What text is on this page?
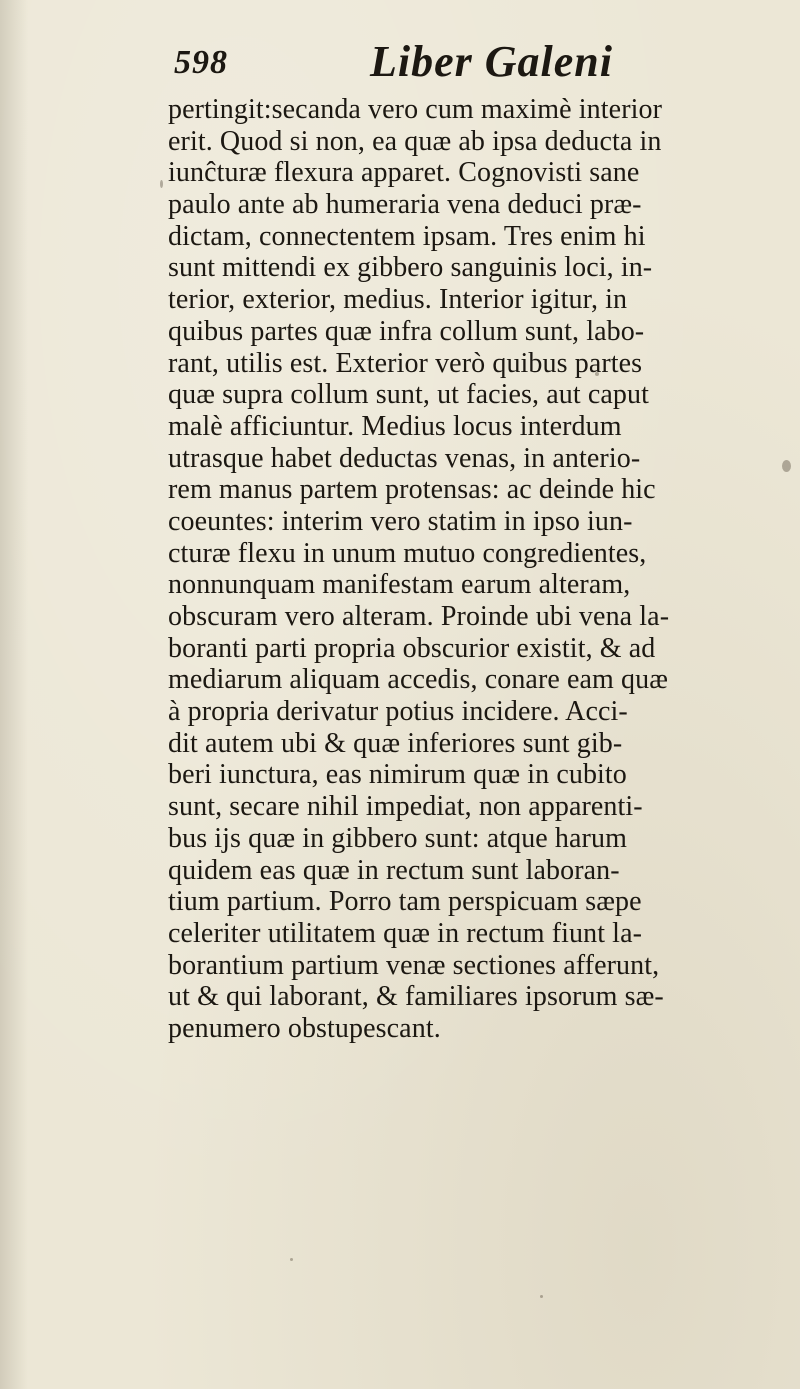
598	Liber Galeni
pertingit:secanda vero cum maximè interior
erit. Quod si non, ea quæ ab ipsa deducta in
iunĉturæ flexura apparet. Cognovisti sane
paulo ante ab humeraria vena deduci præ-
dictam, connectentem ipsam. Tres enim hi
sunt mittendi ex gibbero sanguinis loci, in-
terior, exterior, medius. Interior igitur, in
quibus partes quæ infra collum sunt, labo-
rant, utilis est. Exterior verò quibus partes
quæ supra collum sunt, ut facies, aut caput
malè afficiuntur. Medius locus interdum
utrasque habet deductas venas, in anterio-
rem manus partem protensas: ac deinde hic
coeuntes: interim vero statim in ipso iun-
cturæ flexu in unum mutuo congredientes,
nonnunquam manifestam earum alteram,
obscuram vero alteram. Proinde ubi vena la-
boranti parti propria obscurior existit, & ad
mediarum aliquam accedis, conare eam quæ
à propria derivatur potius incidere. Acci-
dit autem ubi & quæ inferiores sunt gib-
beri iunctura, eas nimirum quæ in cubito
sunt, secare nihil impediat, non apparenti-
bus ijs quæ in gibbero sunt: atque harum
quidem eas quæ in rectum sunt laboran-
tium partium. Porro tam perspicuam sæpe
celeriter utilitatem quæ in rectum fiunt la-
borantium partium venæ sectiones afferunt,
ut & qui laborant, & familiares ipsorum sæ-
penumero obstupescant.
